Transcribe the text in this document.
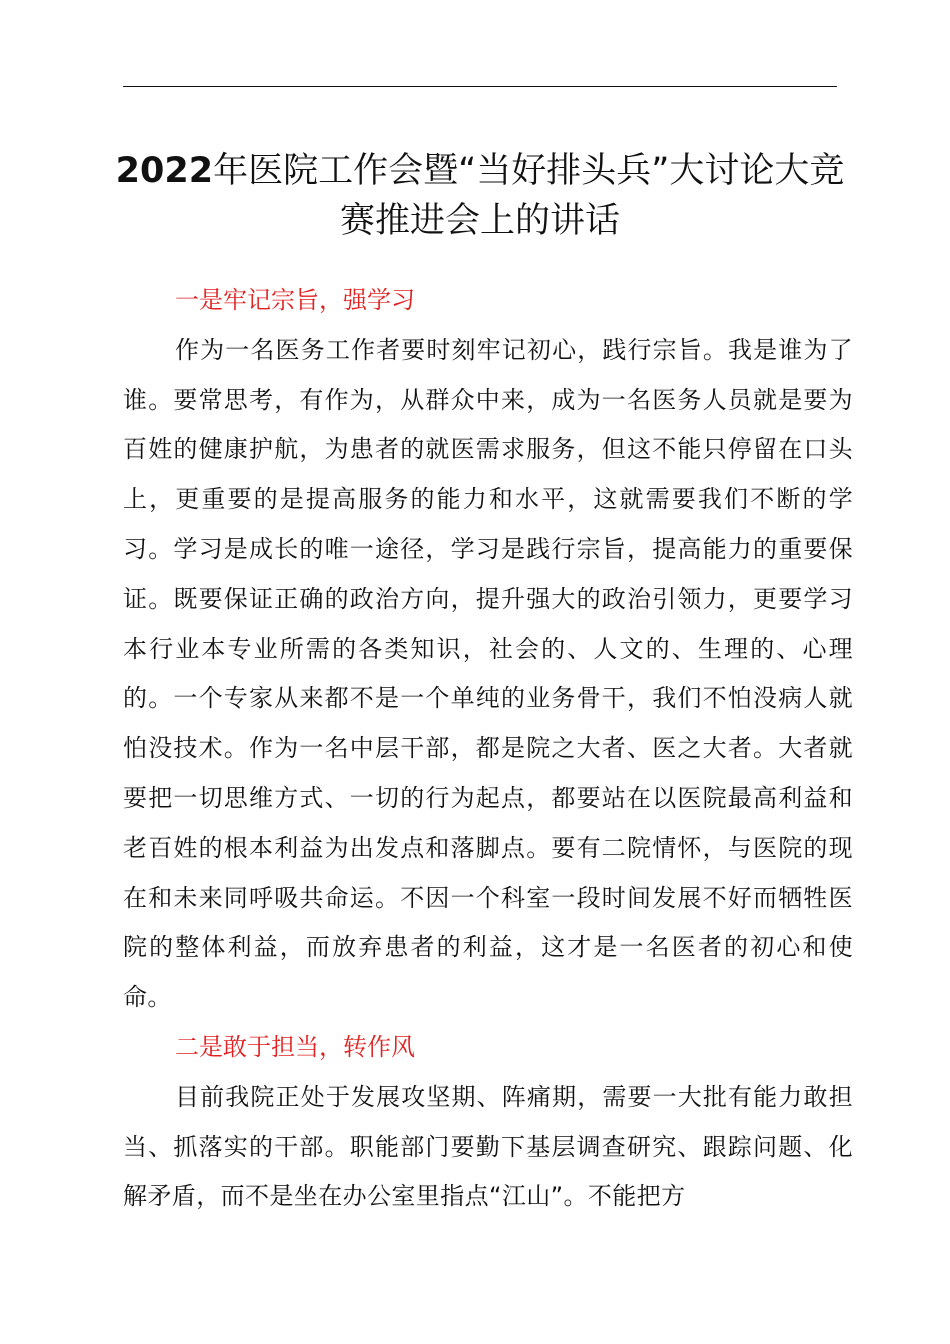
2022年医院工作会暨“当好排头兵”大讨论大竞赛推进会上的讲话

一是牢记宗旨，强学习

作为一名医务工作者要时刻牢记初心，践行宗旨。我是谁为了谁。要常思考，有作为，从群众中来，成为一名医务人员就是要为百姓的健康护航，为患者的就医需求服务，但这不能只停留在口头上，更重要的是提高服务的能力和水平，这就需要我们不断的学习。学习是成长的唯一途径，学习是践行宗旨，提高能力的重要保证。既要保证正确的政治方向，提升强大的政治引领力，更要学习本行业本专业所需的各类知识，社会的、人文的、生理的、心理的。一个专家从来都不是一个单纯的业务骨干，我们不怕没病人就怕没技术。作为一名中层干部，都是院之大者、医之大者。大者就要把一切思维方式、一切的行为起点，都要站在以医院最高利益和老百姓的根本利益为出发点和落脚点。要有二院情怀，与医院的现在和未来同呼吸共命运。不因一个科室一段时间发展不好而牺牲医院的整体利益，而放弃患者的利益，这才是一名医者的初心和使命。

二是敢于担当，转作风

目前我院正处于发展攻坚期、阵痛期，需要一大批有能力敢担当、抓落实的干部。职能部门要勤下基层调查研究、跟踪问题、化解矛盾，而不是坐在办公室里指点“江山”。不能把方
